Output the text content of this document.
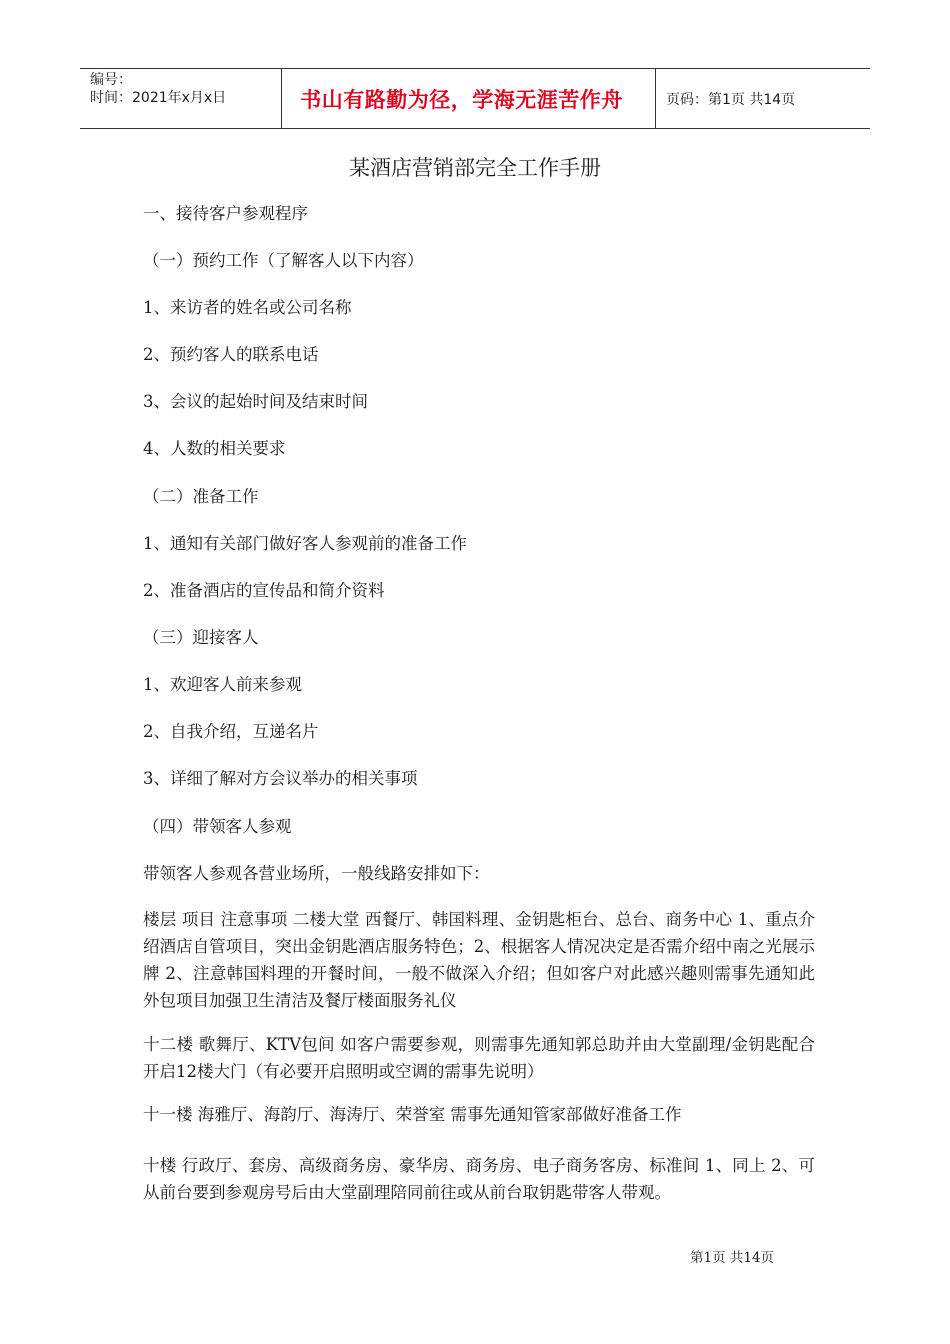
编号：
时间：2021年x月x日	书山有路勤为径，学海无涯苦作舟	页码：第1页 共14页
某酒店营销部完全工作手册
一、接待客户参观程序
（一）预约工作（了解客人以下内容）
1、来访者的姓名或公司名称
2、预约客人的联系电话
3、会议的起始时间及结束时间
4、人数的相关要求
（二）准备工作
1、通知有关部门做好客人参观前的准备工作
2、准备酒店的宣传品和简介资料
（三）迎接客人
1、欢迎客人前来参观
2、自我介绍，互递名片
3、详细了解对方会议举办的相关事项
（四）带领客人参观
带领客人参观各营业场所，一般线路安排如下：
楼层 项目 注意事项 二楼大堂 西餐厅、韩国料理、金钥匙柜台、总台、商务中心 1、重点介绍酒店自管项目，突出金钥匙酒店服务特色；2、根据客人情况决定是否需介绍中南之光展示牌 2、注意韩国料理的开餐时间，一般不做深入介绍；但如客户对此感兴趣则需事先通知此外包项目加强卫生清洁及餐厅楼面服务礼仪
十二楼 歌舞厅、KTV包间 如客户需要参观，则需事先通知郭总助并由大堂副理/金钥匙配合开启12楼大门（有必要开启照明或空调的需事先说明）
十一楼 海雅厅、海韵厅、海涛厅、荣誉室 需事先通知管家部做好准备工作
十楼 行政厅、套房、高级商务房、豪华房、商务房、电子商务客房、标准间 1、同上 2、可从前台要到参观房号后由大堂副理陪同前往或从前台取钥匙带客人带观。
第1页 共14页
